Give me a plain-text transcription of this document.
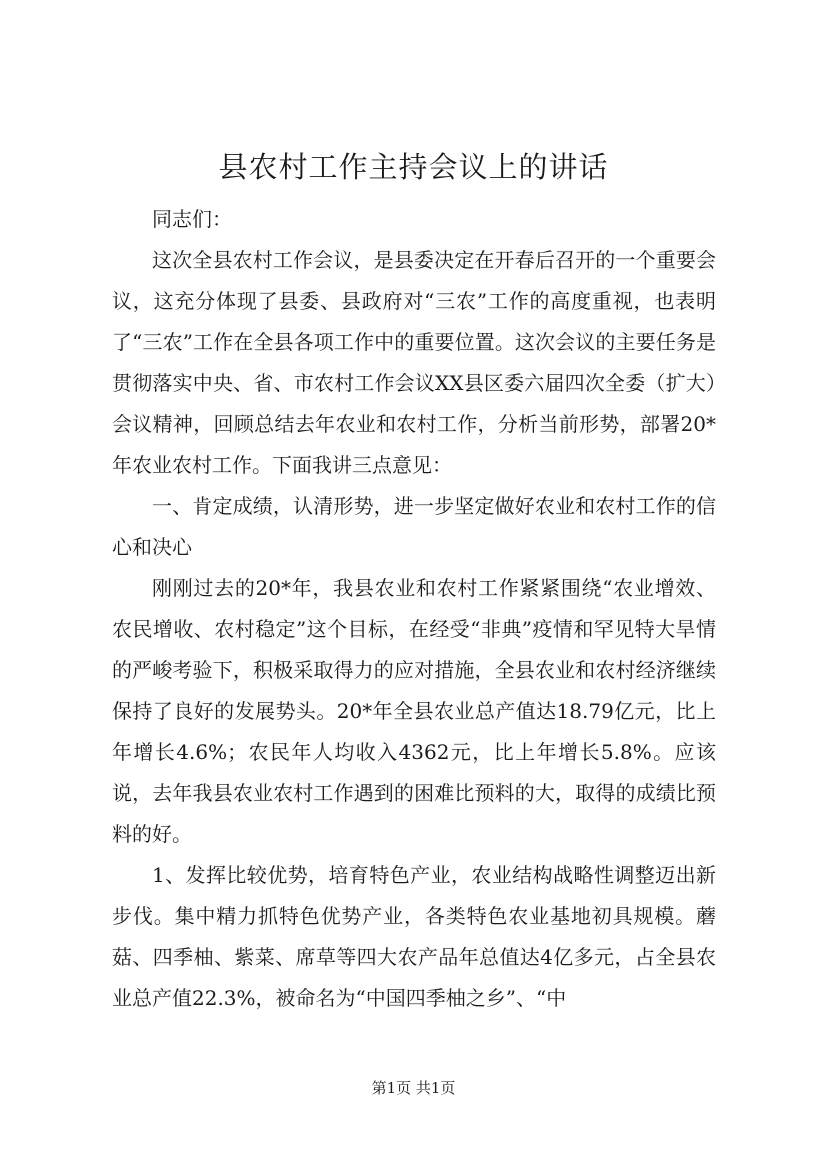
县农村工作主持会议上的讲话

同志们：

这次全县农村工作会议，是县委决定在开春后召开的一个重要会议，这充分体现了县委、县政府对“三农”工作的高度重视，也表明了“三农”工作在全县各项工作中的重要位置。这次会议的主要任务是贯彻落实中央、省、市农村工作会议XX县区委六届四次全委（扩大）会议精神，回顾总结去年农业和农村工作，分析当前形势，部署20*年农业农村工作。下面我讲三点意见：

一、肯定成绩，认清形势，进一步坚定做好农业和农村工作的信心和决心

刚刚过去的20*年，我县农业和农村工作紧紧围绕“农业增效、农民增收、农村稳定”这个目标，在经受“非典”疫情和罕见特大旱情的严峻考验下，积极采取得力的应对措施，全县农业和农村经济继续保持了良好的发展势头。20*年全县农业总产值达18.79亿元，比上年增长4.6%；农民年人均收入4362元，比上年增长5.8%。应该说，去年我县农业农村工作遇到的困难比预料的大，取得的成绩比预料的好。

1、发挥比较优势，培育特色产业，农业结构战略性调整迈出新步伐。集中精力抓特色优势产业，各类特色农业基地初具规模。蘑菇、四季柚、紫菜、席草等四大农产品年总值达4亿多元，占全县农业总产值22.3%，被命名为“中国四季柚之乡”、“中

第1页 共1页
